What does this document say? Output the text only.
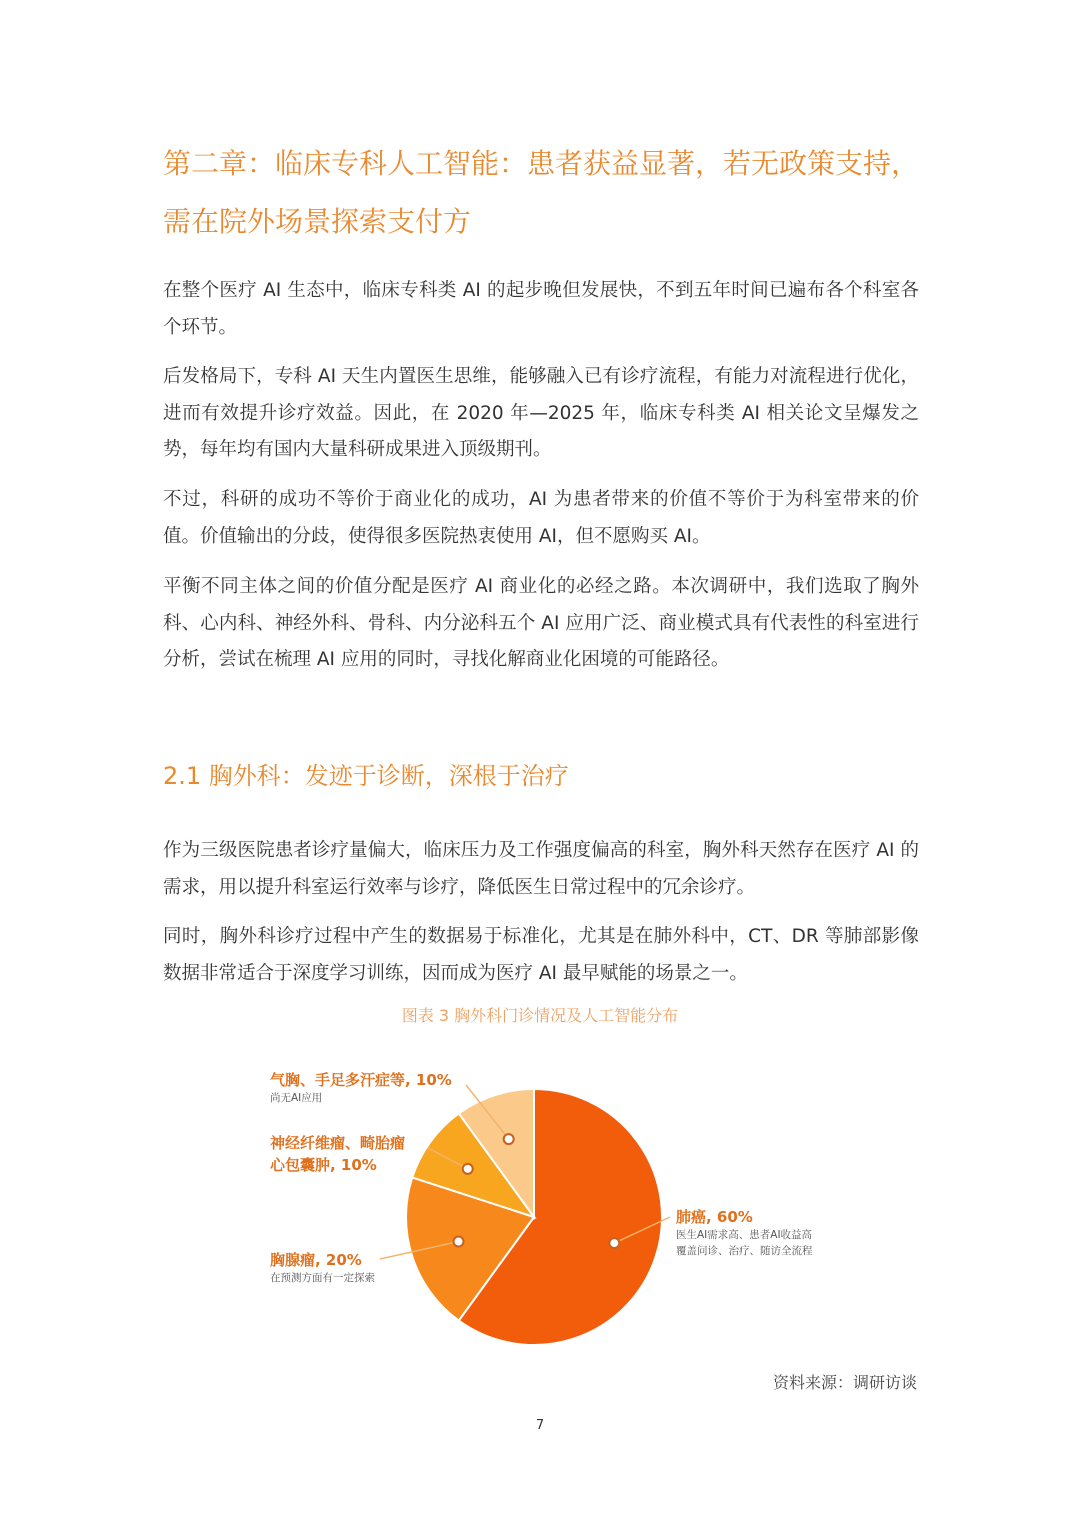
第二章：临床专科人工智能：患者获益显著，若无政策支持，
需在院外场景探索支付方

在整个医疗 AI 生态中，临床专科类 AI 的起步晚但发展快，不到五年时间已遍布各个科室各个环节。

后发格局下，专科 AI 天生内置医生思维，能够融入已有诊疗流程，有能力对流程进行优化，进而有效提升诊疗效益。因此，在 2020 年—2025 年，临床专科类 AI 相关论文呈爆发之势，每年均有国内大量科研成果进入顶级期刊。

不过，科研的成功不等价于商业化的成功，AI 为患者带来的价值不等价于为科室带来的价值。价值输出的分歧，使得很多医院热衷使用 AI，但不愿购买 AI。

平衡不同主体之间的价值分配是医疗 AI 商业化的必经之路。本次调研中，我们选取了胸外科、心内科、神经外科、骨科、内分泌科五个 AI 应用广泛、商业模式具有代表性的科室进行分析，尝试在梳理 AI 应用的同时，寻找化解商业化困境的可能路径。

2.1 胸外科：发迹于诊断，深根于治疗

作为三级医院患者诊疗量偏大，临床压力及工作强度偏高的科室，胸外科天然存在医疗 AI 的需求，用以提升科室运行效率与诊疗，降低医生日常过程中的冗余诊疗。

同时，胸外科诊疗过程中产生的数据易于标准化，尤其是在肺外科中，CT、DR 等肺部影像数据非常适合于深度学习训练，因而成为医疗 AI 最早赋能的场景之一。

图表 3 胸外科门诊情况及人工智能分布
肺癌, 60%
医生AI需求高、患者AI收益高
覆盖问诊、治疗、随访全流程
胸腺瘤, 20%
在预测方面有一定探索
神经纤维瘤、畸胎瘤
心包囊肿, 10%
气胸、手足多汗症等, 10%
尚无AI应用
资料来源：调研访谈
7
